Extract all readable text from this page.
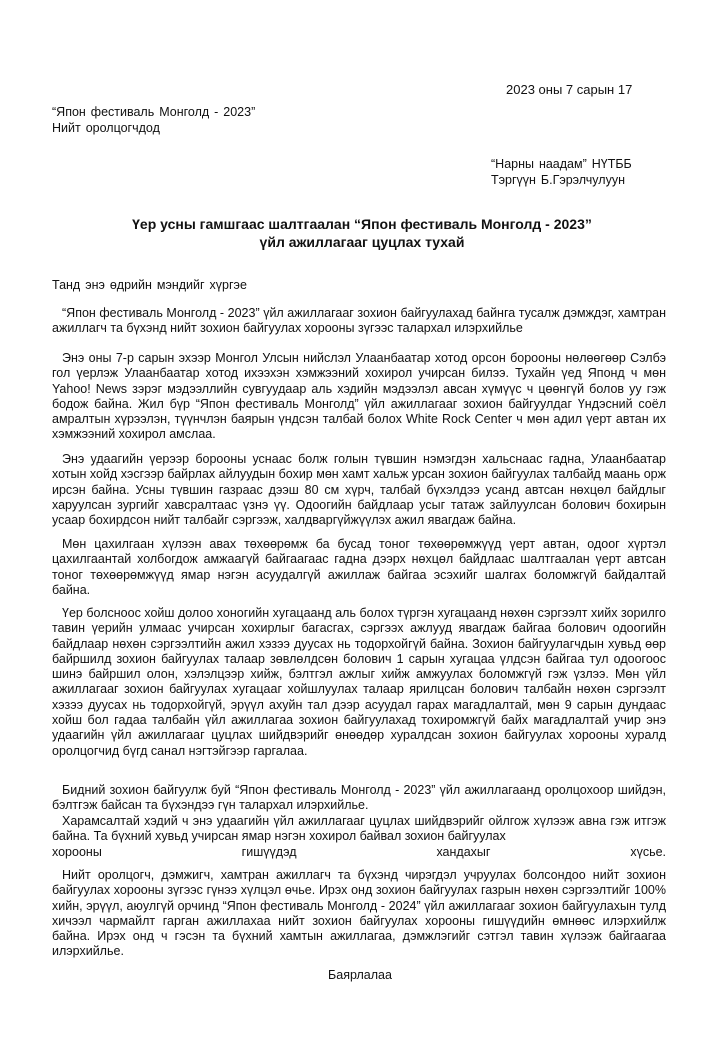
2023 оны 7 сарын 17
“Япон фестиваль Монголд - 2023”
Нийт оролцогчдод
“Нарны наадам” НҮТББ
Тэргүүн Б.Гэрэлчулуун
Үер усны гамшгаас шалтгаалан “Япон фестиваль Монголд - 2023”
үйл ажиллагааг цуцлах тухай
Танд энэ өдрийн мэндийг хүргэе
“Япон фестиваль Монголд - 2023” үйл ажиллагааг зохион байгуулахад байнга тусалж дэмждэг, хамтран ажиллагч та бүхэнд нийт зохион байгуулах хорооны зүгээс талархал илэрхийлье
Энэ оны 7-р сарын эхээр Монгол Улсын нийслэл Улаанбаатар хотод орсон борооны нөлөөгөөр Сэлбэ гол үерлэж Улаанбаатар хотод ихээхэн хэмжээний хохирол учирсан билээ. Тухайн үед Японд ч мөн Yahoo! News зэрэг мэдээллийн сувгуудаар аль хэдийн мэдээлэл авсан хүмүүс ч цөөнгүй болов уу гэж бодож байна. Жил бүр “Япон фестиваль Монголд” үйл ажиллагааг зохион байгуулдаг Үндэсний соёл амралтын хүрээлэн, түүнчлэн баярын үндсэн талбай болох White Rock Center ч мөн адил үерт автан их хэмжээний хохирол амслаа.
Энэ удаагийн үерээр борооны уснаас болж голын түвшин нэмэгдэн хальснаас гадна, Улаанбаатар хотын хойд хэсгээр байрлах айлуудын бохир мөн хамт хальж урсан зохион байгуулах талбайд маань орж ирсэн байна. Усны түвшин газраас дээш 80 см хүрч, талбай бүхэлдээ усанд автсан нөхцөл байдлыг харуулсан зургийг хавсралтаас үзнэ үү. Одоогийн байдлаар усыг татаж зайлуулсан болович бохирын усаар бохирдсон нийт талбайг сэргээж, халдваргүйжүүлэх ажил явагдаж байна.
Мөн цахилгаан хүлээн авах төхөөрөмж ба бусад тоног төхөөрөмжүүд үерт автан, одоог хүртэл цахилгаантай холбогдож амжаагүй байгаагаас гадна дээрх нөхцөл байдлаас шалтгаалан үерт автсан тоног төхөөрөмжүүд ямар нэгэн асуудалгүй ажиллаж байгаа эсэхийг шалгах боломжгүй байдалтай байна.
Үер болсноос хойш долоо хоногийн хугацаанд аль болох түргэн хугацаанд нөхөн сэргээлт хийх зорилго тавин үерийн улмаас учирсан хохирлыг багасгах, сэргээх ажлууд явагдаж байгаа болович одоогийн байдлаар нөхөн сэргээлтийн ажил хэзээ дуусах нь тодорхойгүй байна. Зохион байгуулагчдын хувьд өөр байршилд зохион байгуулах талаар зөвлөлдсөн болович 1 сарын хугацаа үлдсэн байгаа тул одоогоос шинэ байршил олон, хэлэлцээр хийж, бэлтгэл ажлыг хийж амжуулах боломжгүй гэж үзлээ. Мөн үйл ажиллагааг зохион байгуулах хугацааг хойшлуулах талаар ярилцсан болович талбайн нөхөн сэргээлт хэзээ дуусах нь тодорхойгүй, эрүүл ахуйн тал дээр асуудал гарах магадлалтай, мөн 9 сарын дундаас хойш бол гадаа талбайн үйл ажиллагаа зохион байгуулахад тохиромжгүй байх магадлалтай учир энэ удаагийн үйл ажиллагааг цуцлах шийдвэрийг өнөөдөр хуралдсан зохион байгуулах хорооны хуралд оролцогчид бүгд санал нэгтэйгээр гаргалаа.
Бидний зохион байгуулж буй “Япон фестиваль Монголд - 2023” үйл ажиллагаанд оролцохоор шийдэн, бэлтгэж байсан та бүхэндээ гүн талархал илэрхийлье.
Харамсалтай хэдий ч энэ удаагийн үйл ажиллагааг цуцлах шийдвэрийг ойлгож хүлээж авна гэж итгэж байна. Та бүхний хувьд учирсан ямар нэгэн хохирол байвал зохион байгуулах
хорооны	гишүүдэд	хандахыг	хүсье.
Нийт оролцогч, дэмжигч, хамтран ажиллагч та бүхэнд чирэгдэл учруулах болсондоо нийт зохион байгуулах хорооны зүгээс гүнээ хүлцэл өчье. Ирэх онд зохион байгуулах газрын нөхөн сэргээлтийг 100% хийн, эрүүл, аюулгүй орчинд “Япон фестиваль Монголд - 2024” үйл ажиллагааг зохион байгуулахын тулд хичээл чармайлт гарган ажиллахаа нийт зохион байгуулах хорооны гишүүдийн өмнөөс илэрхийлж байна. Ирэх онд ч гэсэн та бүхний хамтын ажиллагаа, дэмжлэгийг сэтгэл тавин хүлээж байгаагаа илэрхийлье.
Баярлалаа
